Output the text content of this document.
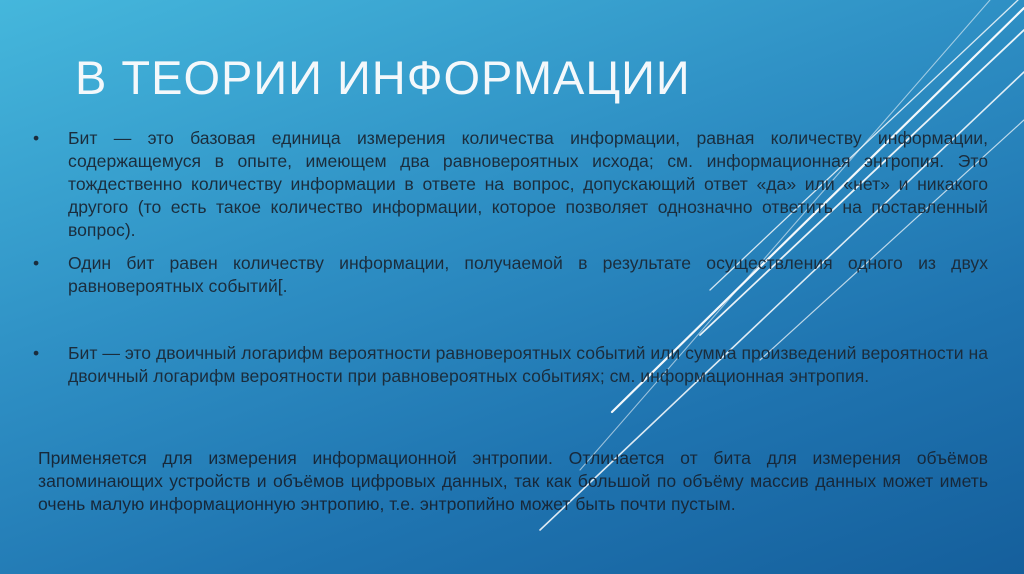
В ТЕОРИИ ИНФОРМАЦИИ
• Бит — это базовая единица измерения количества информации, равная количеству информации, содержащемуся в опыте, имеющем два равновероятных исхода; см. информационная энтропия. Это тождественно количеству информации в ответе на вопрос, допускающий ответ «да» или «нет» и никакого другого (то есть такое количество информации, которое позволяет однозначно ответить на поставленный вопрос).
• Один бит равен количеству информации, получаемой в результате осуществления одного из двух равновероятных событий[.
• Бит — это двоичный логарифм вероятности равновероятных событий или сумма произведений вероятности на двоичный логарифм вероятности при равновероятных событиях; см. информационная энтропия.
Применяется для измерения информационной энтропии. Отличается от бита для измерения объёмов запоминающих устройств и объёмов цифровых данных, так как большой по объёму массив данных может иметь очень малую информационную энтропию, т.е. энтропийно может быть почти пустым.
